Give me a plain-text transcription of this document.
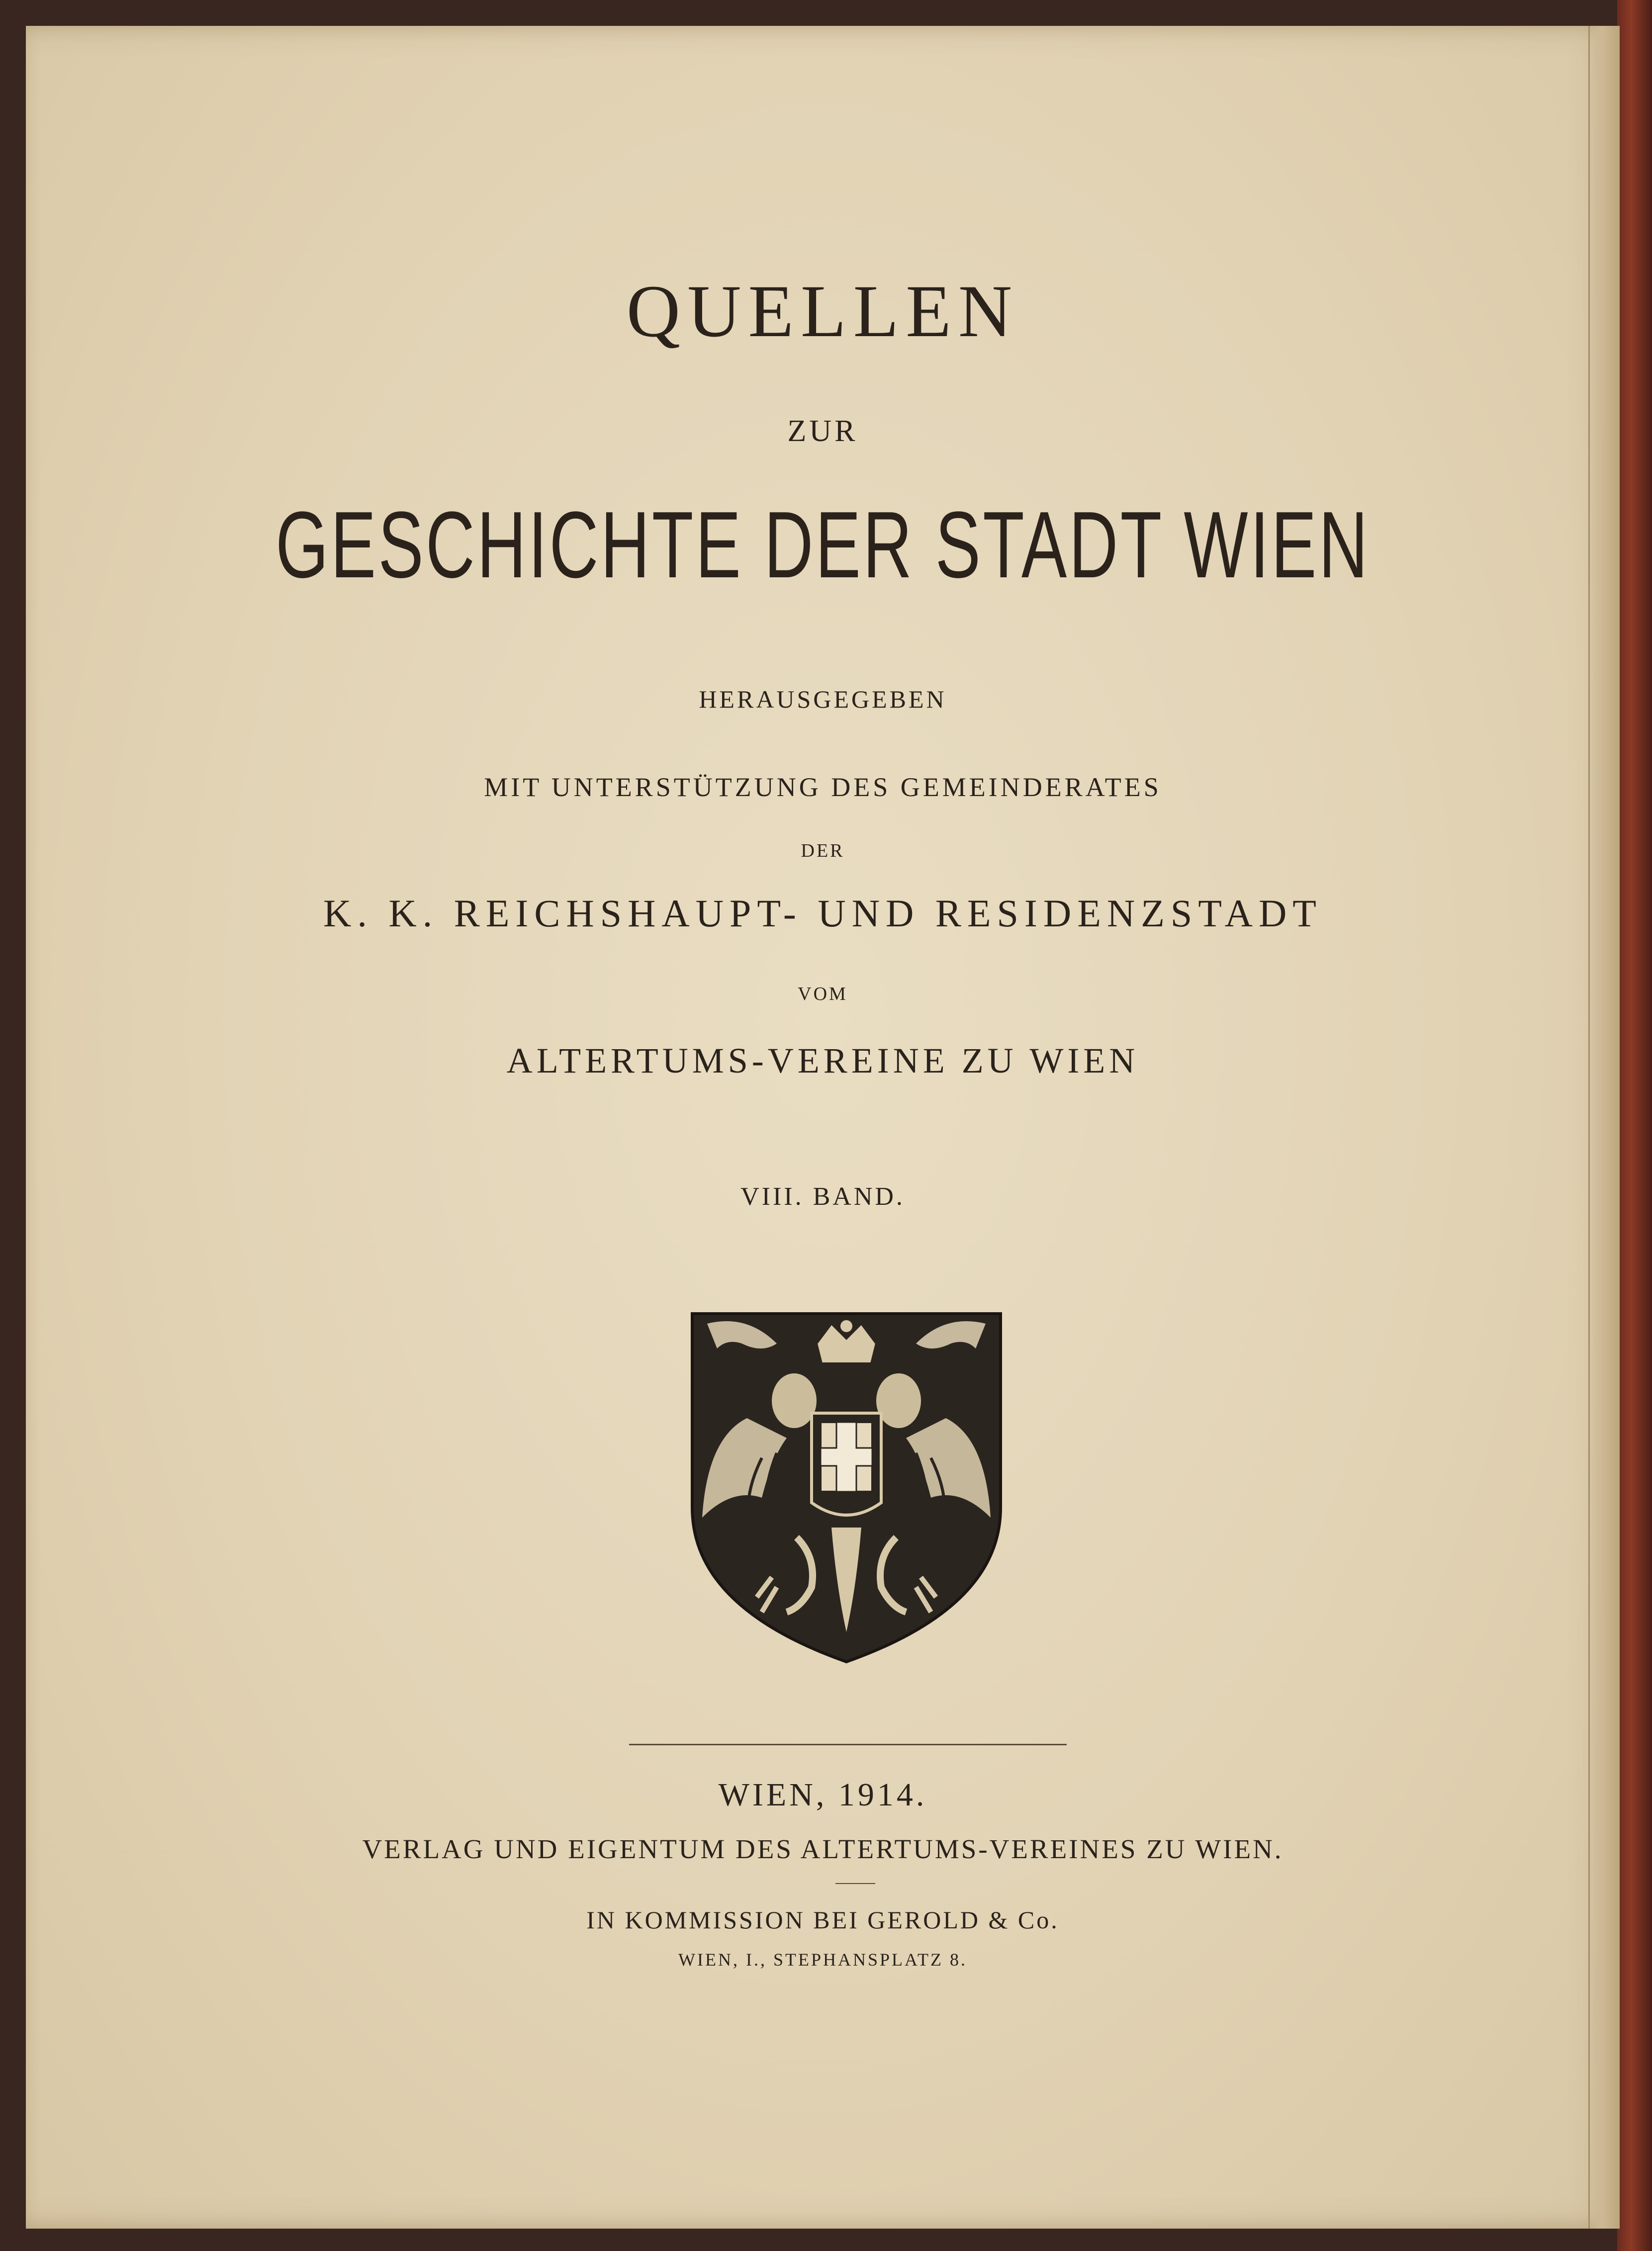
QUELLEN
ZUR
GESCHICHTE DER STADT WIEN
HERAUSGEGEBEN
MIT UNTERSTÜTZUNG DES GEMEINDERATES
DER
K. K. REICHSHAUPT- UND RESIDENZSTADT
VOM
ALTERTUMS-VEREINE ZU WIEN
VIII. BAND.
WIEN, 1914.
VERLAG UND EIGENTUM DES ALTERTUMS-VEREINES ZU WIEN.
IN KOMMISSION BEI GEROLD & Co.
WIEN, I., STEPHANSPLATZ 8.
